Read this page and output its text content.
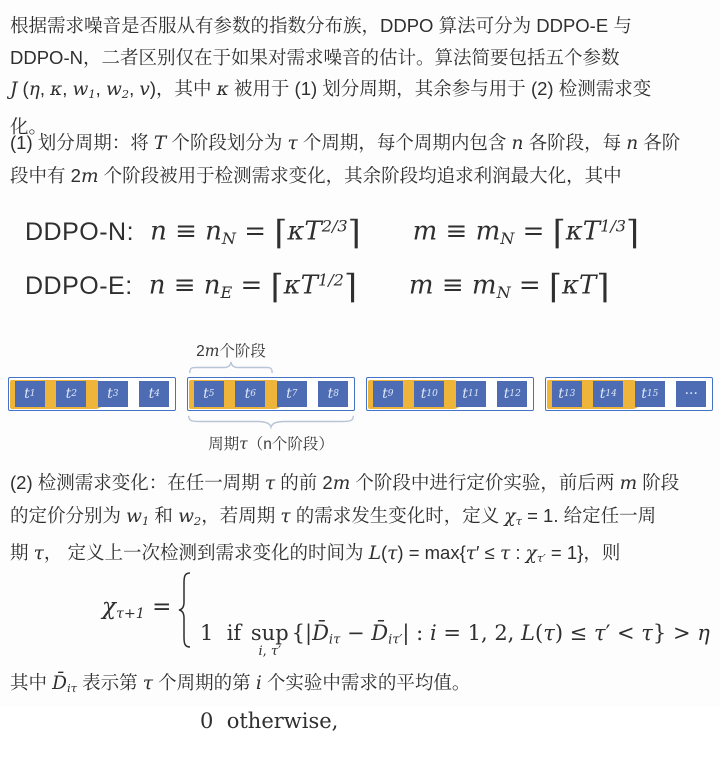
根据需求噪音是否服从有参数的指数分布族，DDPO 算法可分为 DDPO-E 与
DDPO-N，二者区别仅在于如果对需求噪音的估计。算法简要包括五个参数
J (η, κ, w1, w2, v)，其中 κ 被用于 (1) 划分周期，其余参与用于 (2) 检测需求变
化。
(1) 划分周期：将 T 个阶段划分为 τ 个周期，每个周期内包含 n 各阶段，每 n 各阶
段中有 2m 个阶段被用于检测需求变化，其余阶段均追求利润最大化，其中
DDPO-N: n ≡ nN = $⌈\kappa T^{2/3}⌉$ m ≡ mN = $⌈\kappa T^{1/3}⌉$
DDPO-E: n ≡ nE = $⌈\kappa T^{1/2}⌉$ m ≡ mN = ⌈κT⌉
2m个阶段
t 1 t 2 t 3 t 4	t 5 t 6 t 7 t 8	t 9 t 10 t 11 t 12	t 13 t 14 t 15 ···
周期τ（n个阶段）
(2) 检测需求变化：在任一周期 τ 的前 2m 个阶段中进行定价实验，前后两 m 阶段
的定价分别为 w1 和 w2，若周期 τ 的需求发生变化时，定义 χτ = 1. 给定任一周
期 τ， 定义上一次检测到需求变化的时间为 L(τ) = max{τ′ ≤ τ : χτ′ = 1}，则
χτ+1 =

1  if sup
i, τ′
{|D̄iτ − D̄iτ′| : i = 1, 2, L(τ) ≤ τ′ < τ} > η

0  otherwise,

其中 D̄iτ 表示第 τ 个周期的第 i 个实验中需求的平均值。
